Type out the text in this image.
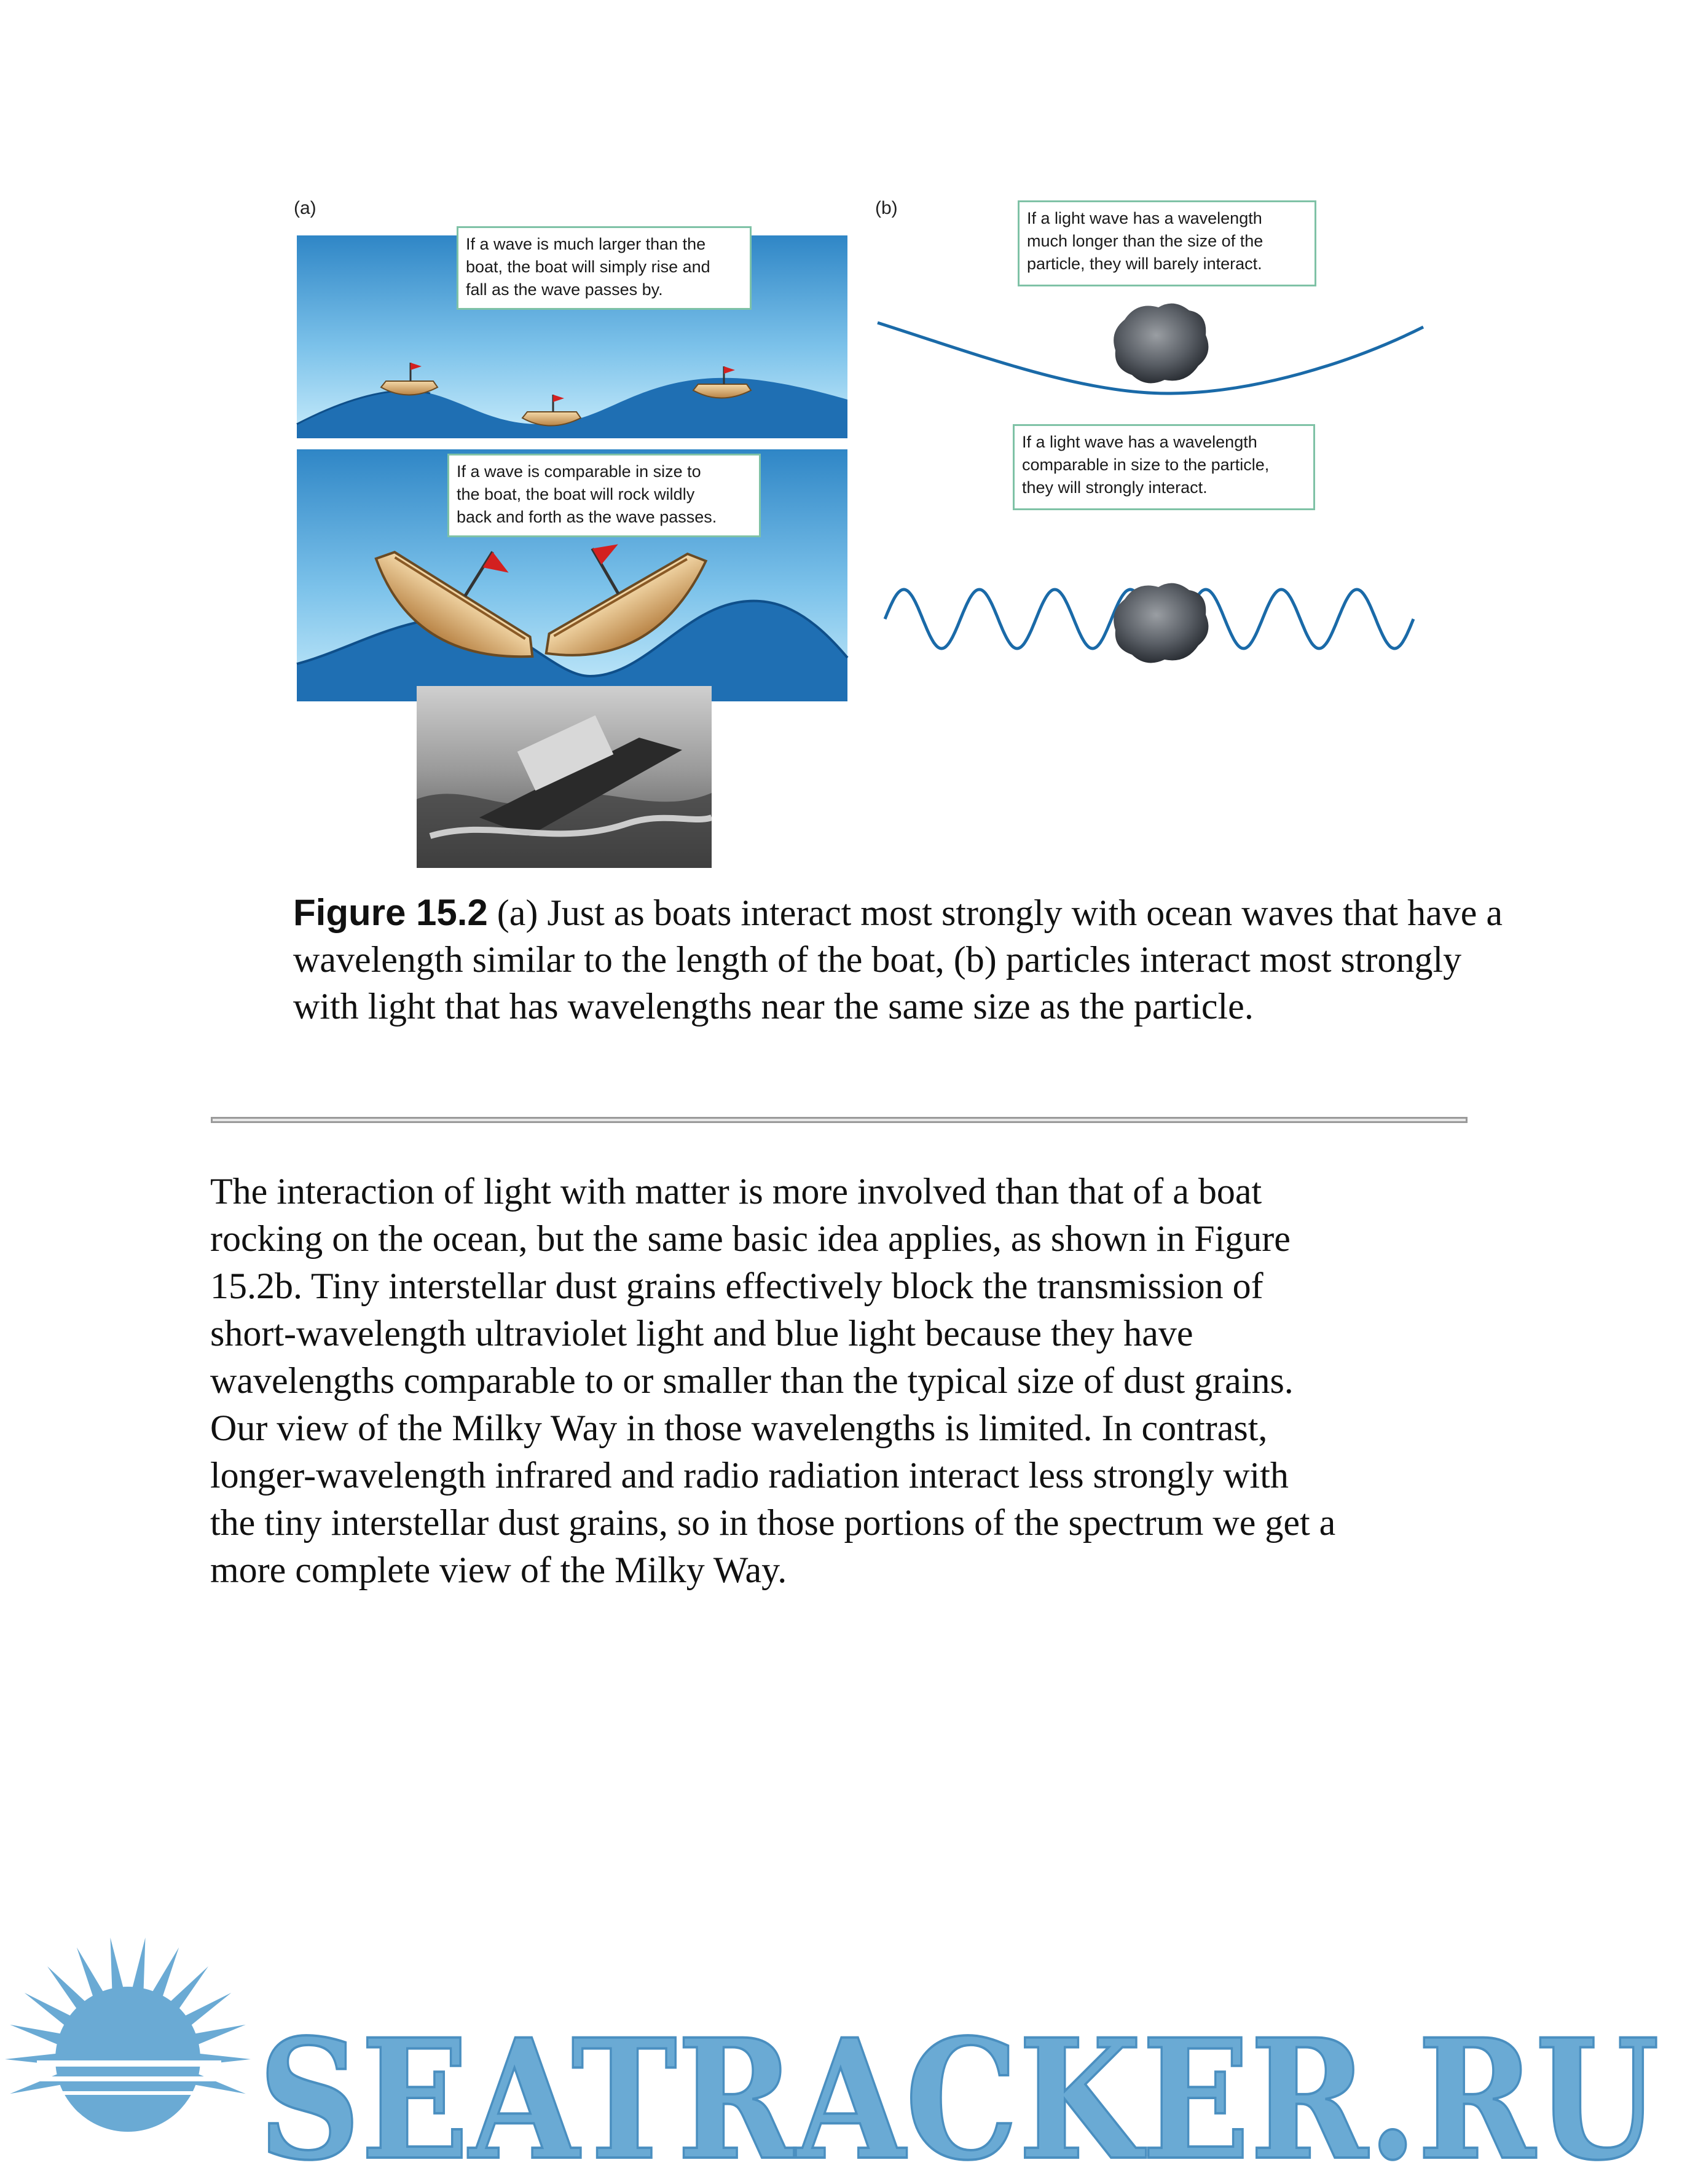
(a)	(b)
If a wave is much larger than the
boat, the boat will simply rise and
fall as the wave passes by.
If a wave is comparable in size to
the boat, the boat will rock wildly
back and forth as the wave passes.
If a light wave has a wavelength
much longer than the size of the
particle, they will barely interact.
If a light wave has a wavelength
comparable in size to the particle,
they will strongly interact.
Figure 15.2 (a) Just as boats interact most strongly with ocean waves that have a wavelength similar to the length of the boat, (b) particles interact most strongly with light that has wavelengths near the same size as the particle.
The interaction of light with matter is more involved than that of a boat
rocking on the ocean, but the same basic idea applies, as shown in Figure
15.2b. Tiny interstellar dust grains effectively block the transmission of
short-wavelength ultraviolet light and blue light because they have
wavelengths comparable to or smaller than the typical size of dust grains.
Our view of the Milky Way in those wavelengths is limited. In contrast,
longer-wavelength infrared and radio radiation interact less strongly with
the tiny interstellar dust grains, so in those portions of the spectrum we get a
more complete view of the Milky Way.
SEATRACKER.RU
